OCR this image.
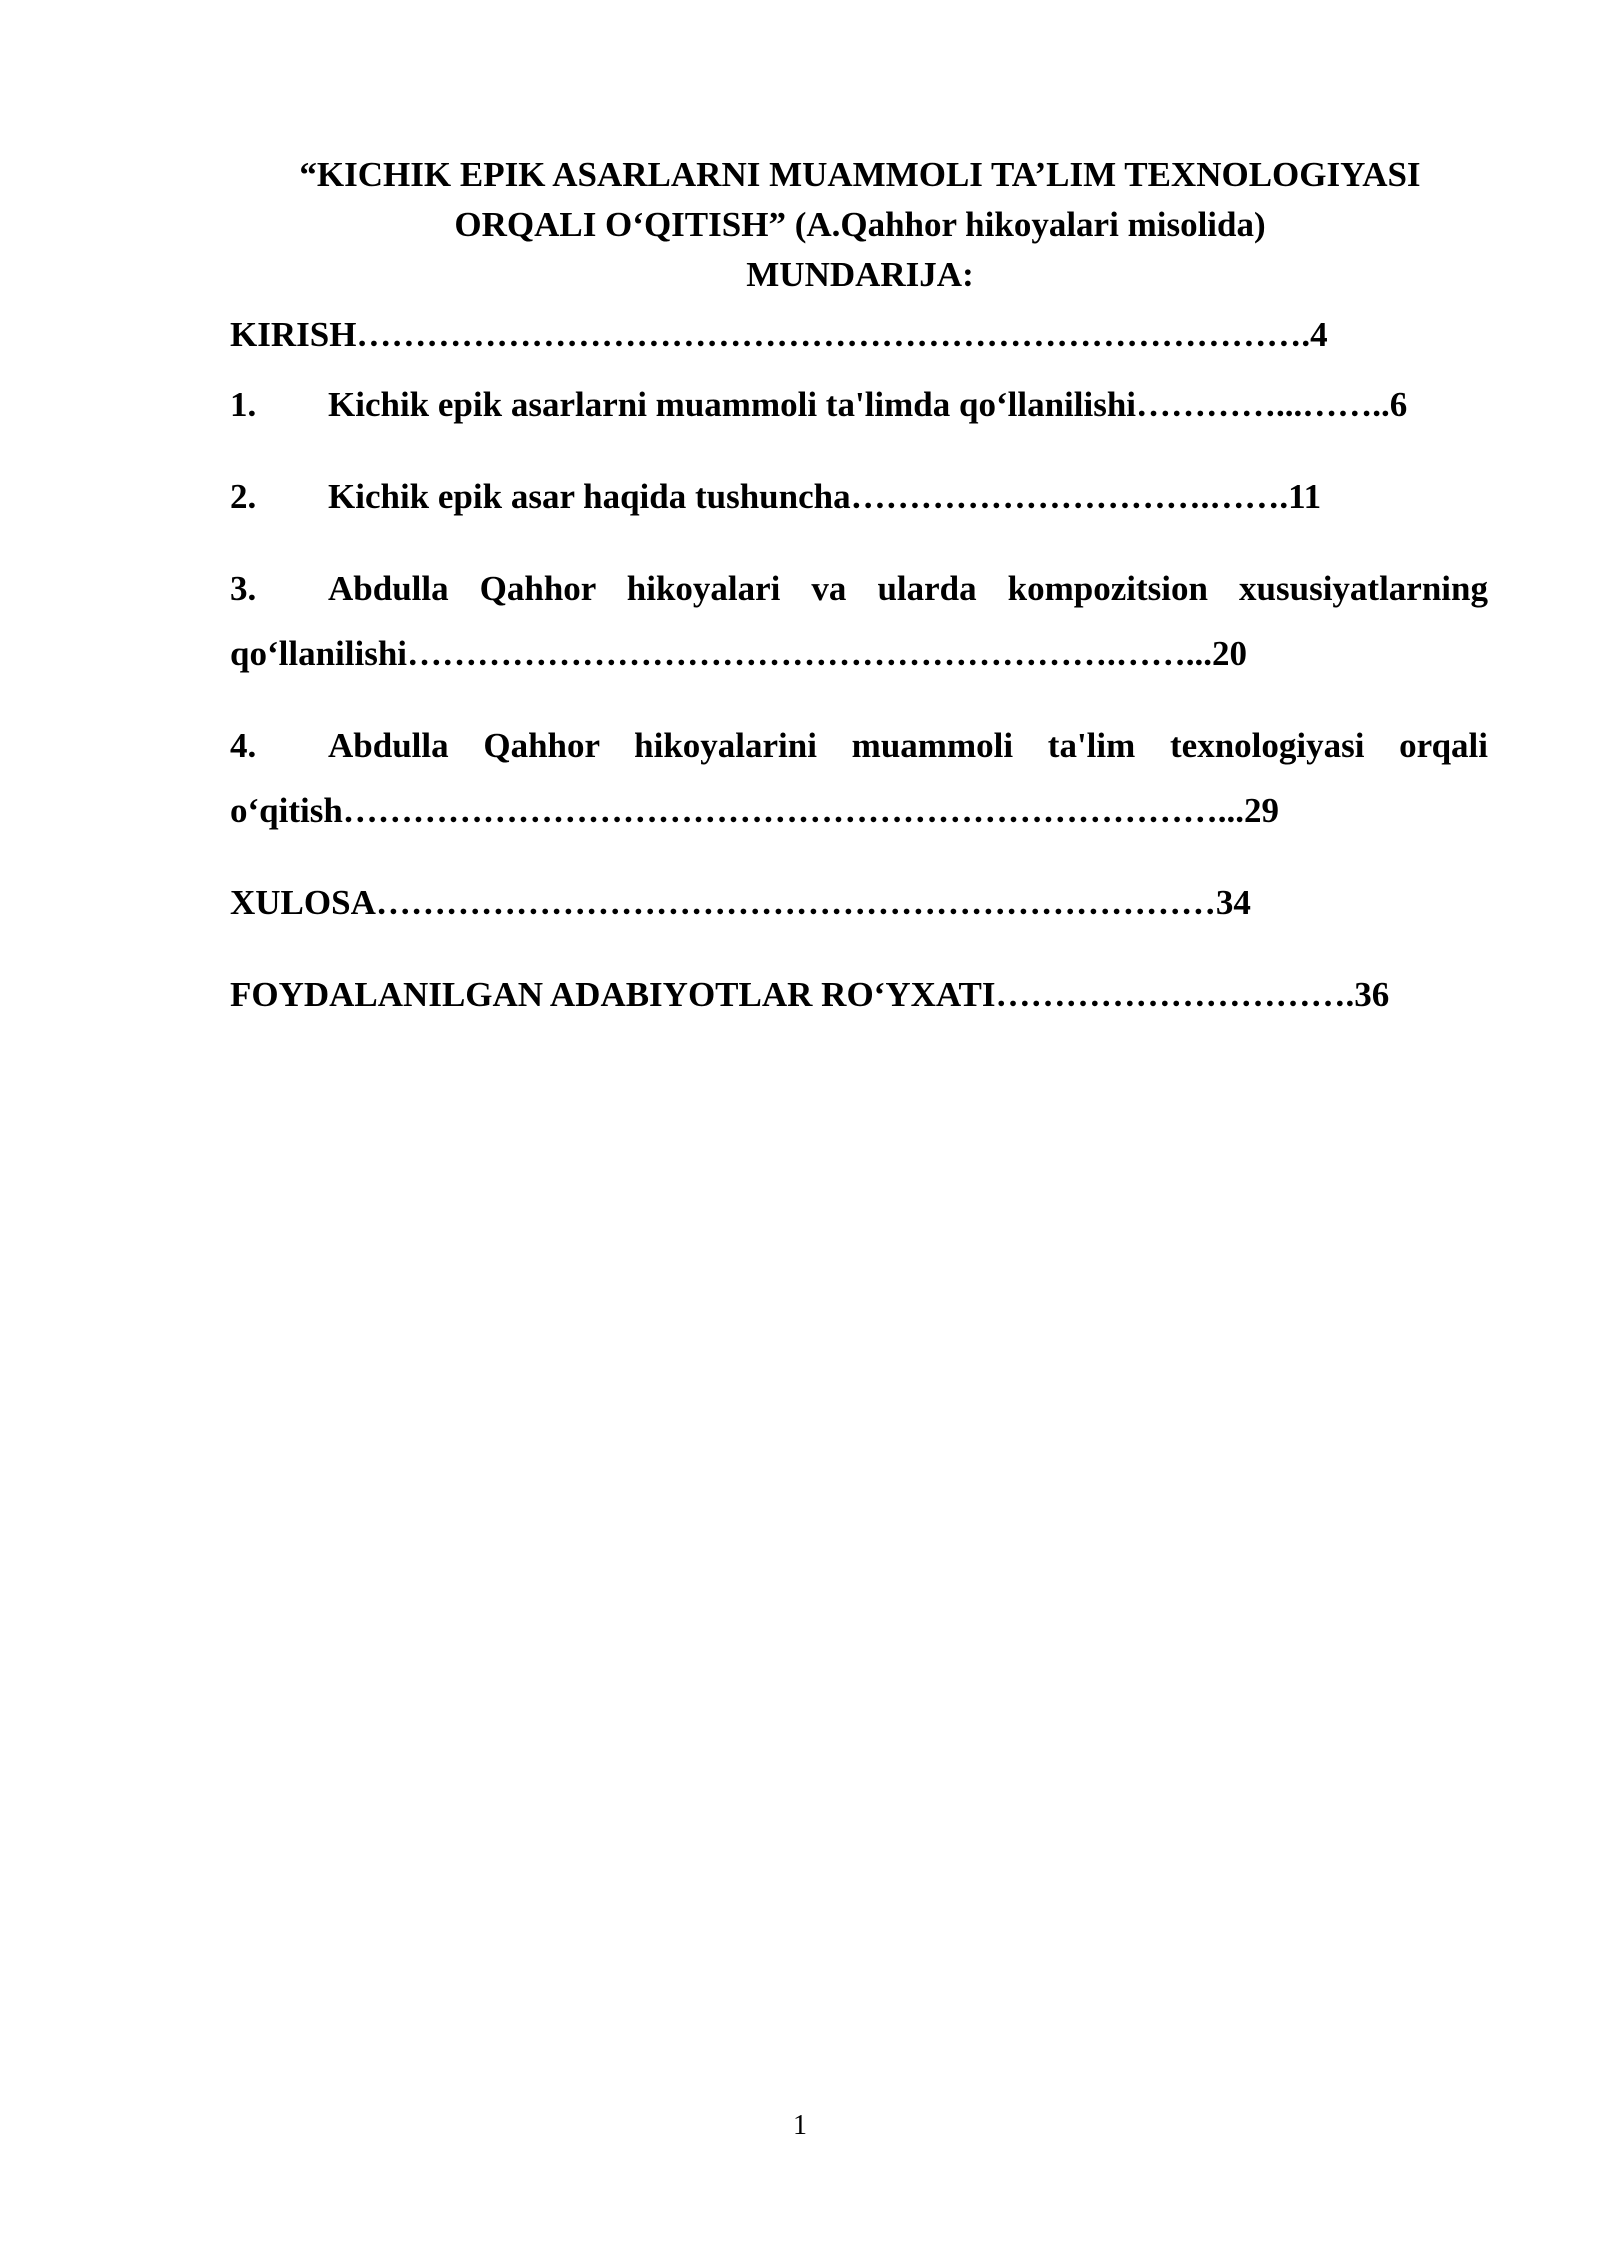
“KICHIK EPIK ASARLARNI MUAMMOLI TA’LIM TEXNOLOGIYASI
ORQALI O‘QITISH” (A.Qahhor hikoyalari misolida)
MUNDARIJA:
KIRISH……………………………………………………………………….4
1. Kichik epik asarlarni muammoli ta'limda qo‘llanilishi…………...……..6
2. Kichik epik asar haqida tushuncha………………………….…….11
3. Abdulla Qahhor hikoyalari va ularda kompozitsion xususiyatlarning
qo‘llanilishi…………………………………………………….……...20
4. Abdulla Qahhor hikoyalarini muammoli ta'lim texnologiyasi orqali
o‘qitish…………………………………………………………………...29
XULOSA………………………………………………………………34
FOYDALANILGAN ADABIYOTLAR RO‘YXATI………………………….36
1
